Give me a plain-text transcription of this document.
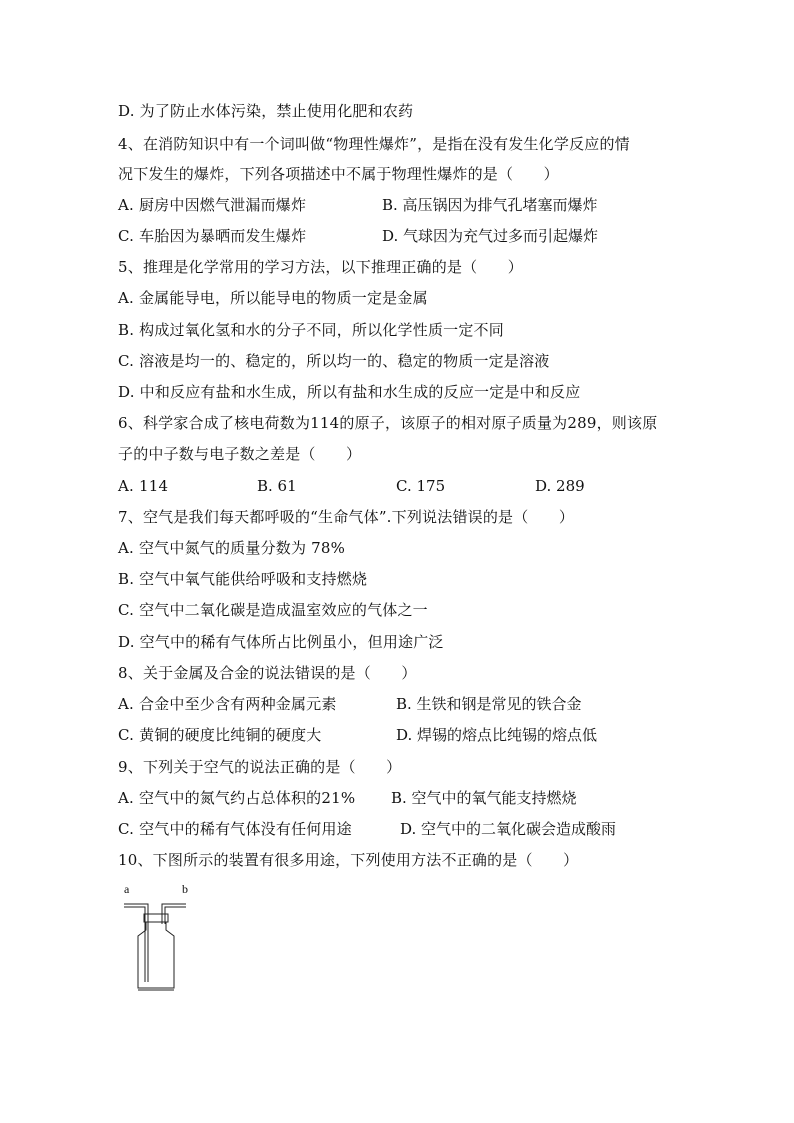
D. 为了防止水体污染，禁止使用化肥和农药
4、在消防知识中有一个词叫做“物理性爆炸”，是指在没有发生化学反应的情
况下发生的爆炸，下列各项描述中不属于物理性爆炸的是（　　）
A. 厨房中因燃气泄漏而爆炸	B. 高压锅因为排气孔堵塞而爆炸
C. 车胎因为暴晒而发生爆炸	D. 气球因为充气过多而引起爆炸
5、推理是化学常用的学习方法，以下推理正确的是（　　）
A. 金属能导电，所以能导电的物质一定是金属
B. 构成过氧化氢和水的分子不同，所以化学性质一定不同
C. 溶液是均一的、稳定的，所以均一的、稳定的物质一定是溶液
D. 中和反应有盐和水生成，所以有盐和水生成的反应一定是中和反应
6、科学家合成了核电荷数为114的原子，该原子的相对原子质量为289，则该原
子的中子数与电子数之差是（　　）
A. 114	B. 61	C. 175	D. 289
7、空气是我们每天都呼吸的“生命气体”.下列说法错误的是（　　）
A. 空气中氮气的质量分数为 78%
B. 空气中氧气能供给呼吸和支持燃烧
C. 空气中二氧化碳是造成温室效应的气体之一
D. 空气中的稀有气体所占比例虽小，但用途广泛
8、关于金属及合金的说法错误的是（　　）
A. 合金中至少含有两种金属元素	B. 生铁和钢是常见的铁合金
C. 黄铜的硬度比纯铜的硬度大	D. 焊锡的熔点比纯锡的熔点低
9、下列关于空气的说法正确的是（　　）
A. 空气中的氮气约占总体积的21% B. 空气中的氧气能支持燃烧
C. 空气中的稀有气体没有任何用途	D. 空气中的二氧化碳会造成酸雨
10、下图所示的装置有很多用途，下列使用方法不正确的是（　　）
a	b
